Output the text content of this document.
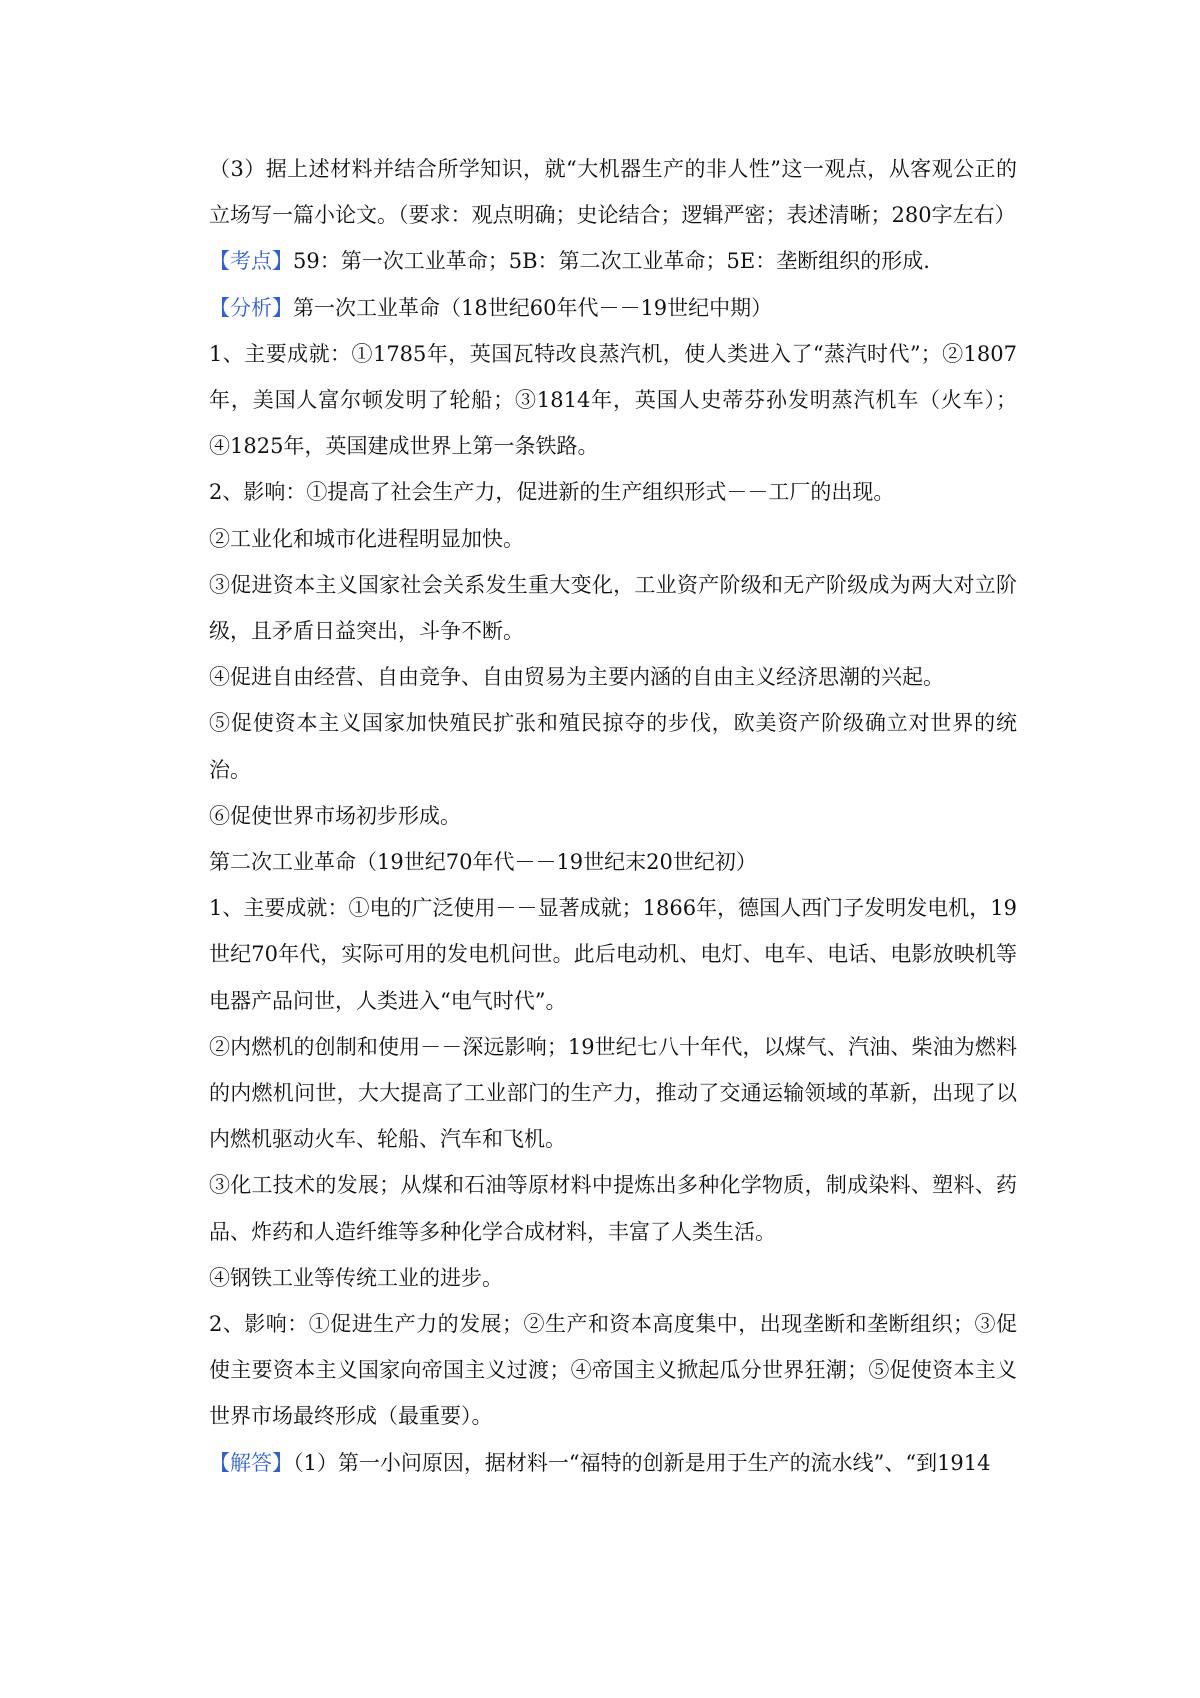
（3）据上述材料并结合所学知识，就“大机器生产的非人性”这一观点，从客观公正的立场写一篇小论文。（要求：观点明确；史论结合；逻辑严密；表述清晰；280字左右）

【考点】59：第一次工业革命；5B：第二次工业革命；5E：垄断组织的形成.

【分析】第一次工业革命（18世纪60年代－－19世纪中期）

1、主要成就：①1785年，英国瓦特改良蒸汽机，使人类进入了“蒸汽时代”；②1807年，美国人富尔顿发明了轮船；③1814年，英国人史蒂芬孙发明蒸汽机车（火车）；④1825年，英国建成世界上第一条铁路。

2、影响：①提高了社会生产力，促进新的生产组织形式－－工厂的出现。

②工业化和城市化进程明显加快。

③促进资本主义国家社会关系发生重大变化，工业资产阶级和无产阶级成为两大对立阶级，且矛盾日益突出，斗争不断。

④促进自由经营、自由竞争、自由贸易为主要内涵的自由主义经济思潮的兴起。

⑤促使资本主义国家加快殖民扩张和殖民掠夺的步伐，欧美资产阶级确立对世界的统治。

⑥促使世界市场初步形成。

第二次工业革命（19世纪70年代－－19世纪末20世纪初）

1、主要成就：①电的广泛使用－－显著成就；1866年，德国人西门子发明发电机，19世纪70年代，实际可用的发电机问世。此后电动机、电灯、电车、电话、电影放映机等电器产品问世，人类进入“电气时代”。

②内燃机的创制和使用－－深远影响；19世纪七八十年代，以煤气、汽油、柴油为燃料的内燃机问世，大大提高了工业部门的生产力，推动了交通运输领域的革新，出现了以内燃机驱动火车、轮船、汽车和飞机。

③化工技术的发展；从煤和石油等原材料中提炼出多种化学物质，制成染料、塑料、药品、炸药和人造纤维等多种化学合成材料，丰富了人类生活。

④钢铁工业等传统工业的进步。

2、影响：①促进生产力的发展；②生产和资本高度集中，出现垄断和垄断组织；③促使主要资本主义国家向帝国主义过渡；④帝国主义掀起瓜分世界狂潮；⑤促使资本主义世界市场最终形成（最重要）。

【解答】（1）第一小问原因，据材料一“福特的创新是用于生产的流水线”、“到1914
